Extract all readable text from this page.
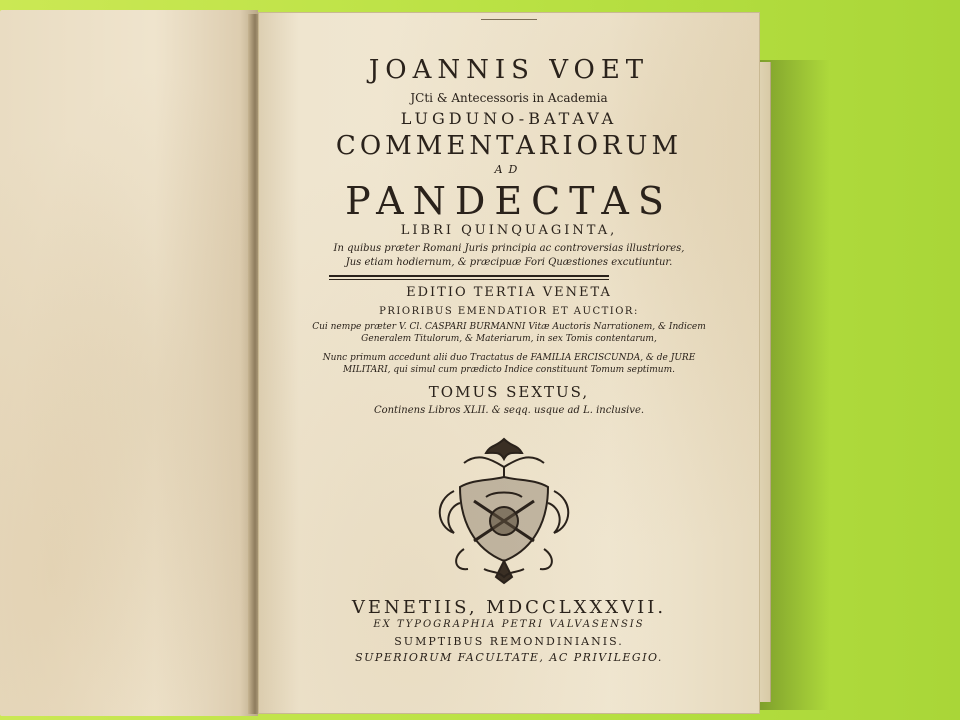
JOANNIS VOET
JCti & Antecessoris in Academia
LUGDUNO-BATAVA
COMMENTARIORUM
AD
PANDECTAS
LIBRI QUINQUAGINTA,
In quibus præter Romani Juris principia ac controversias illustriores,
Jus etiam hodiernum, & præcipuæ Fori Quæstiones excutiuntur.
EDITIO TERTIA VENETA
PRIORIBUS EMENDATIOR ET AUCTIOR:
Cui nempe præter V. Cl. CASPARI BURMANNI Vitæ Auctoris Narrationem, & Indicem
Generalem Titulorum, & Materiarum, in sex Tomis contentarum,
Nunc primum accedunt alii duo Tractatus de FAMILIA ERCISCUNDA, & de JURE
MILITARI, qui simul cum prædicto Indice constituunt Tomum septimum.
TOMUS SEXTUS,
Continens Libros XLII. & seqq. usque ad L. inclusive.
VENETIIS, MDCCLXXXVII.
EX TYPOGRAPHIA PETRI VALVASENSIS
SUMPTIBUS REMONDINIANIS.
SUPERIORUM FACULTATE, AC PRIVILEGIO.
